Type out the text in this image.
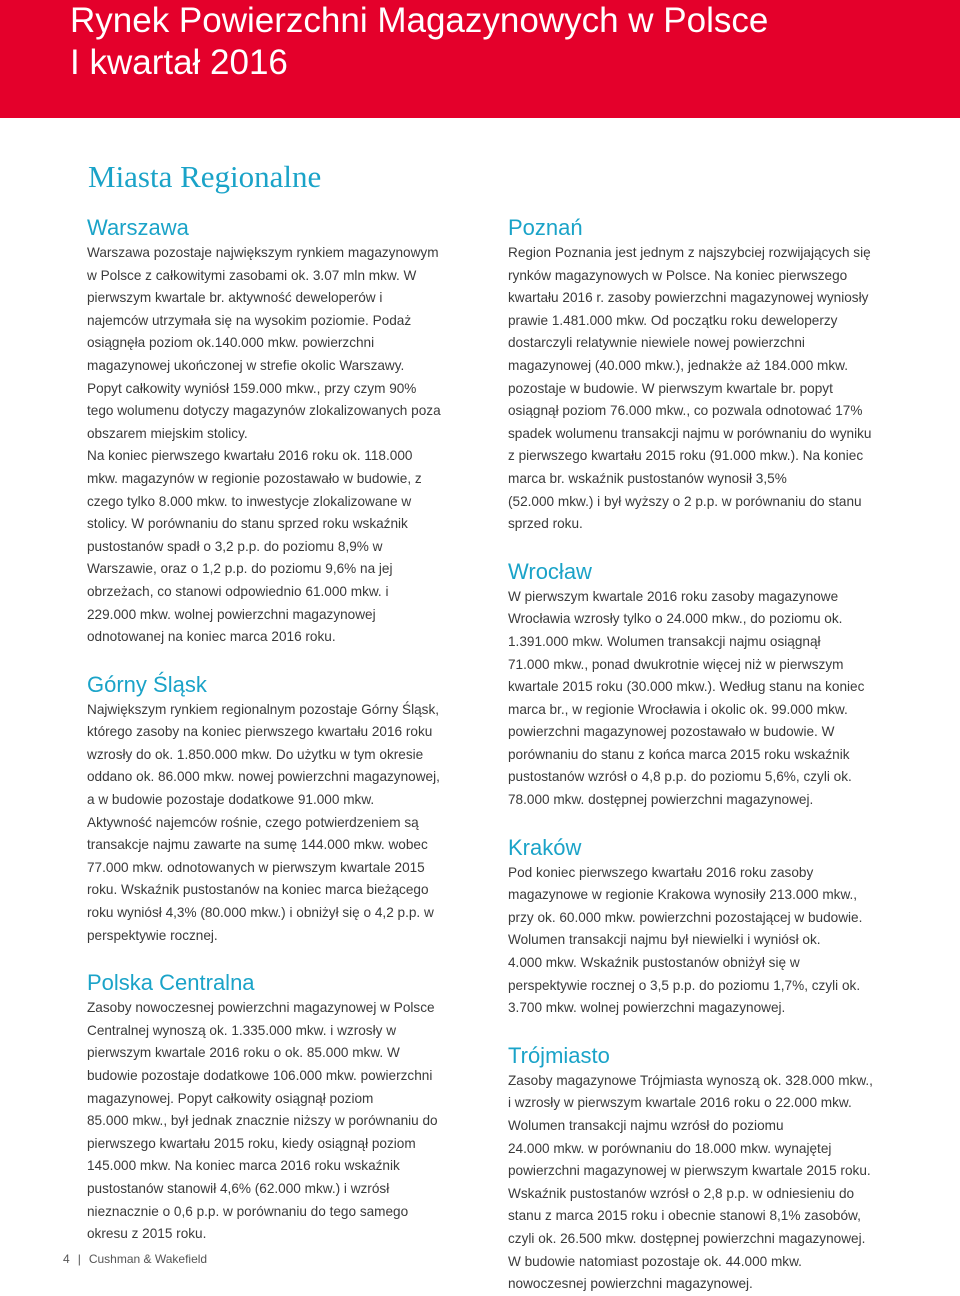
Rynek Powierzchni Magazynowych w Polsce
I kwartał 2016
Miasta Regionalne
Warszawa

Warszawa pozostaje największym rynkiem magazynowym
w Polsce z całkowitymi zasobami ok. 3.07 mln mkw. W
pierwszym kwartale br. aktywność deweloperów i
najemców utrzymała się na wysokim poziomie. Podaż
osiągnęła poziom ok.140.000 mkw. powierzchni
magazynowej ukończonej w strefie okolic Warszawy.
Popyt całkowity wyniósł 159.000 mkw., przy czym 90%
tego wolumenu dotyczy magazynów zlokalizowanych poza
obszarem miejskim stolicy.
Na koniec pierwszego kwartału 2016 roku ok. 118.000
mkw. magazynów w regionie pozostawało w budowie, z
czego tylko 8.000 mkw. to inwestycje zlokalizowane w
stolicy. W porównaniu do stanu sprzed roku wskaźnik
pustostanów spadł o 3,2 p.p. do poziomu 8,9% w
Warszawie, oraz o 1,2 p.p. do poziomu 9,6% na jej
obrzeżach, co stanowi odpowiednio 61.000 mkw. i
229.000 mkw. wolnej powierzchni magazynowej
odnotowanej na koniec marca 2016 roku.

Górny Śląsk

Największym rynkiem regionalnym pozostaje Górny Śląsk,
którego zasoby na koniec pierwszego kwartału 2016 roku
wzrosły do ok. 1.850.000 mkw. Do użytku w tym okresie
oddano ok. 86.000 mkw. nowej powierzchni magazynowej,
a w budowie pozostaje dodatkowe 91.000 mkw.
Aktywność najemców rośnie, czego potwierdzeniem są
transakcje najmu zawarte na sumę 144.000 mkw. wobec
77.000 mkw. odnotowanych w pierwszym kwartale 2015
roku. Wskaźnik pustostanów na koniec marca bieżącego
roku wyniósł 4,3% (80.000 mkw.) i obniżył się o 4,2 p.p. w
perspektywie rocznej.

Polska Centralna

Zasoby nowoczesnej powierzchni magazynowej w Polsce
Centralnej wynoszą ok. 1.335.000 mkw. i wzrosły w
pierwszym kwartale 2016 roku o ok. 85.000 mkw. W
budowie pozostaje dodatkowe 106.000 mkw. powierzchni
magazynowej. Popyt całkowity osiągnął poziom
85.000 mkw., był jednak znacznie niższy w porównaniu do
pierwszego kwartału 2015 roku, kiedy osiągnął poziom
145.000 mkw. Na koniec marca 2016 roku wskaźnik
pustostanów stanowił 4,6% (62.000 mkw.) i wzrósł
nieznacznie o 0,6 p.p. w porównaniu do tego samego
okresu z 2015 roku.

Poznań

Region Poznania jest jednym z najszybciej rozwijających się
rynków magazynowych w Polsce. Na koniec pierwszego
kwartału 2016 r. zasoby powierzchni magazynowej wyniosły
prawie 1.481.000 mkw. Od początku roku deweloperzy
dostarczyli relatywnie niewiele nowej powierzchni
magazynowej (40.000 mkw.), jednakże aż 184.000 mkw.
pozostaje w budowie. W pierwszym kwartale br. popyt
osiągnął poziom 76.000 mkw., co pozwala odnotować 17%
spadek wolumenu transakcji najmu w porównaniu do wyniku
z pierwszego kwartału 2015 roku (91.000 mkw.). Na koniec
marca br. wskaźnik pustostanów wynosił 3,5%
(52.000 mkw.) i był wyższy o 2 p.p. w porównaniu do stanu
sprzed roku.

Wrocław

W pierwszym kwartale 2016 roku zasoby magazynowe
Wrocławia wzrosły tylko o 24.000 mkw., do poziomu ok.
1.391.000 mkw. Wolumen transakcji najmu osiągnął
71.000 mkw., ponad dwukrotnie więcej niż w pierwszym
kwartale 2015 roku (30.000 mkw.). Według stanu na koniec
marca br., w regionie Wrocławia i okolic ok. 99.000 mkw.
powierzchni magazynowej pozostawało w budowie. W
porównaniu do stanu z końca marca 2015 roku wskaźnik
pustostanów wzrósł o 4,8 p.p. do poziomu 5,6%, czyli ok.
78.000 mkw. dostępnej powierzchni magazynowej.

Kraków

Pod koniec pierwszego kwartału 2016 roku zasoby
magazynowe w regionie Krakowa wynosiły 213.000 mkw.,
przy ok. 60.000 mkw. powierzchni pozostającej w budowie.
Wolumen transakcji najmu był niewielki i wyniósł ok.
4.000 mkw. Wskaźnik pustostanów obniżył się w
perspektywie rocznej o 3,5 p.p. do poziomu 1,7%, czyli ok.
3.700 mkw. wolnej powierzchni magazynowej.

Trójmiasto

Zasoby magazynowe Trójmiasta wynoszą ok. 328.000 mkw.,
i wzrosły w pierwszym kwartale 2016 roku o 22.000 mkw.
Wolumen transakcji najmu wzrósł do poziomu
24.000 mkw. w porównaniu do 18.000 mkw. wynajętej
powierzchni magazynowej w pierwszym kwartale 2015 roku.
Wskaźnik pustostanów wzrósł o 2,8 p.p. w odniesieniu do
stanu z marca 2015 roku i obecnie stanowi 8,1% zasobów,
czyli ok. 26.500 mkw. dostępnej powierzchni magazynowej.
W budowie natomiast pozostaje ok. 44.000 mkw.
nowoczesnej powierzchni magazynowej.

4 | Cushman & Wakefield
